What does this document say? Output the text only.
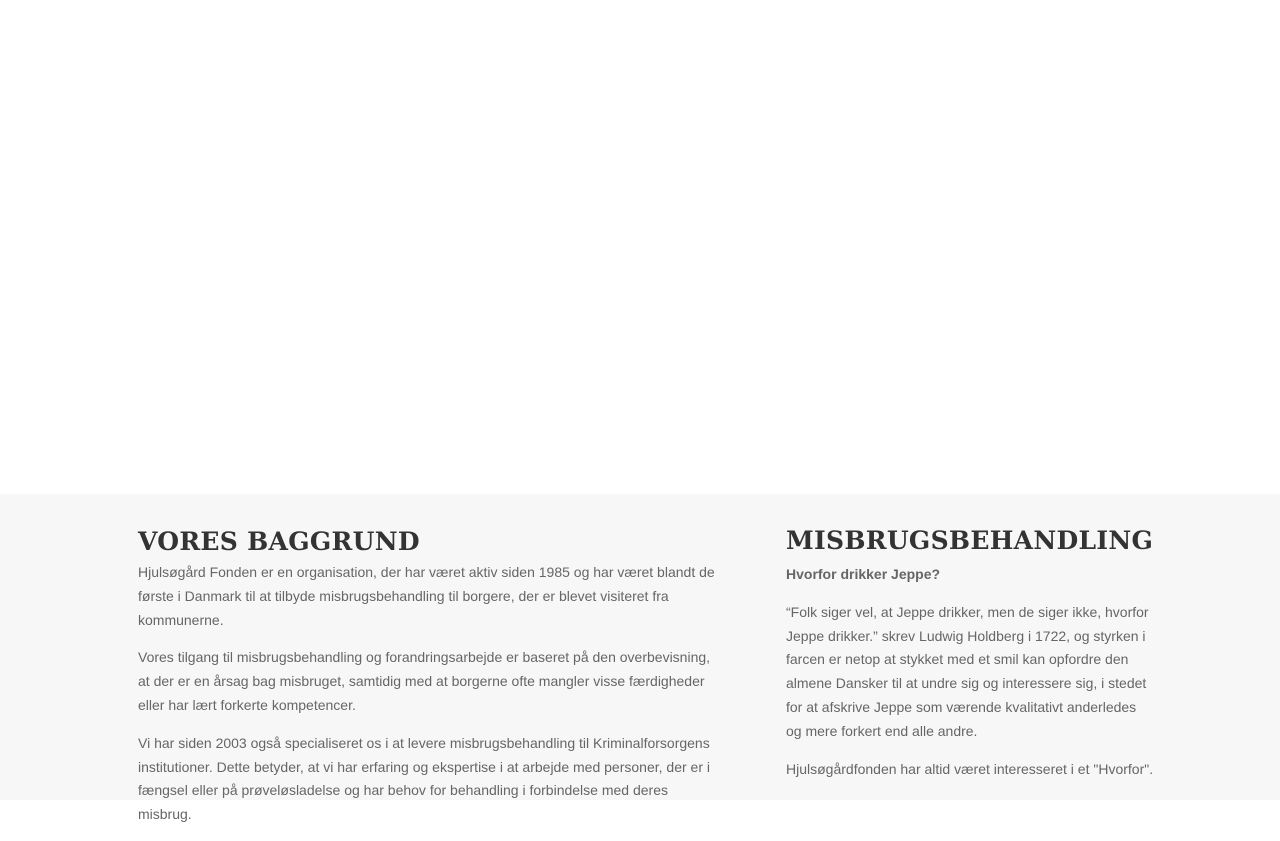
VORES BAGGRUND

Hjulsøgård Fonden er en organisation, der har været aktiv siden 1985 og har været blandt de første i Danmark til at tilbyde misbrugsbehandling til borgere, der er blevet visiteret fra kommunerne.

Vores tilgang til misbrugsbehandling og forandringsarbejde er baseret på den overbevisning, at der er en årsag bag misbruget, samtidig med at borgerne ofte mangler visse færdigheder eller har lært forkerte kompetencer.

Vi har siden 2003 også specialiseret os i at levere misbrugsbehandling til Kriminalforsorgens institutioner. Dette betyder, at vi har erfaring og ekspertise i at arbejde med personer, der er i fængsel eller på prøveløsladelse og har behov for behandling i forbindelse med deres misbrug.

MISBRUGSBEHANDLING

Hvorfor drikker Jeppe?

“Folk siger vel, at Jeppe drikker, men de siger ikke, hvorfor Jeppe drikker.” skrev Ludwig Holdberg i 1722, og styrken i farcen er netop at stykket med et smil kan opfordre den almene Dansker til at undre sig og interessere sig, i stedet for at afskrive Jeppe som værende kvalitativt anderledes og mere forkert end alle andre.

Hjulsøgårdfonden har altid været interesseret i et "Hvorfor".
